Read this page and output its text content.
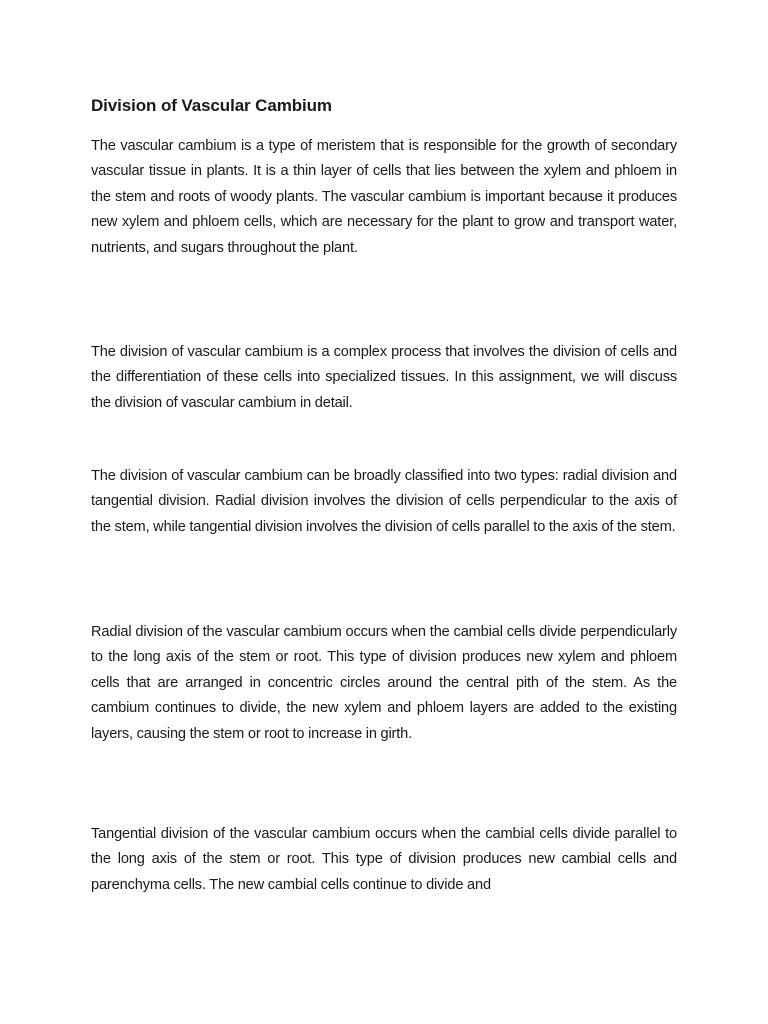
Division of Vascular Cambium

The vascular cambium is a type of meristem that is responsible for the growth of secondary vascular tissue in plants. It is a thin layer of cells that lies between the xylem and phloem in the stem and roots of woody plants. The vascular cambium is important because it produces new xylem and phloem cells, which are necessary for the plant to grow and transport water, nutrients, and sugars throughout the plant.

The division of vascular cambium is a complex process that involves the division of cells and the differentiation of these cells into specialized tissues. In this assignment, we will discuss the division of vascular cambium in detail.

The division of vascular cambium can be broadly classified into two types: radial division and tangential division. Radial division involves the division of cells perpendicular to the axis of the stem, while tangential division involves the division of cells parallel to the axis of the stem.

Radial division of the vascular cambium occurs when the cambial cells divide perpendicularly to the long axis of the stem or root. This type of division produces new xylem and phloem cells that are arranged in concentric circles around the central pith of the stem. As the cambium continues to divide, the new xylem and phloem layers are added to the existing layers, causing the stem or root to increase in girth.

Tangential division of the vascular cambium occurs when the cambial cells divide parallel to the long axis of the stem or root. This type of division produces new cambial cells and parenchyma cells. The new cambial cells continue to divide and
